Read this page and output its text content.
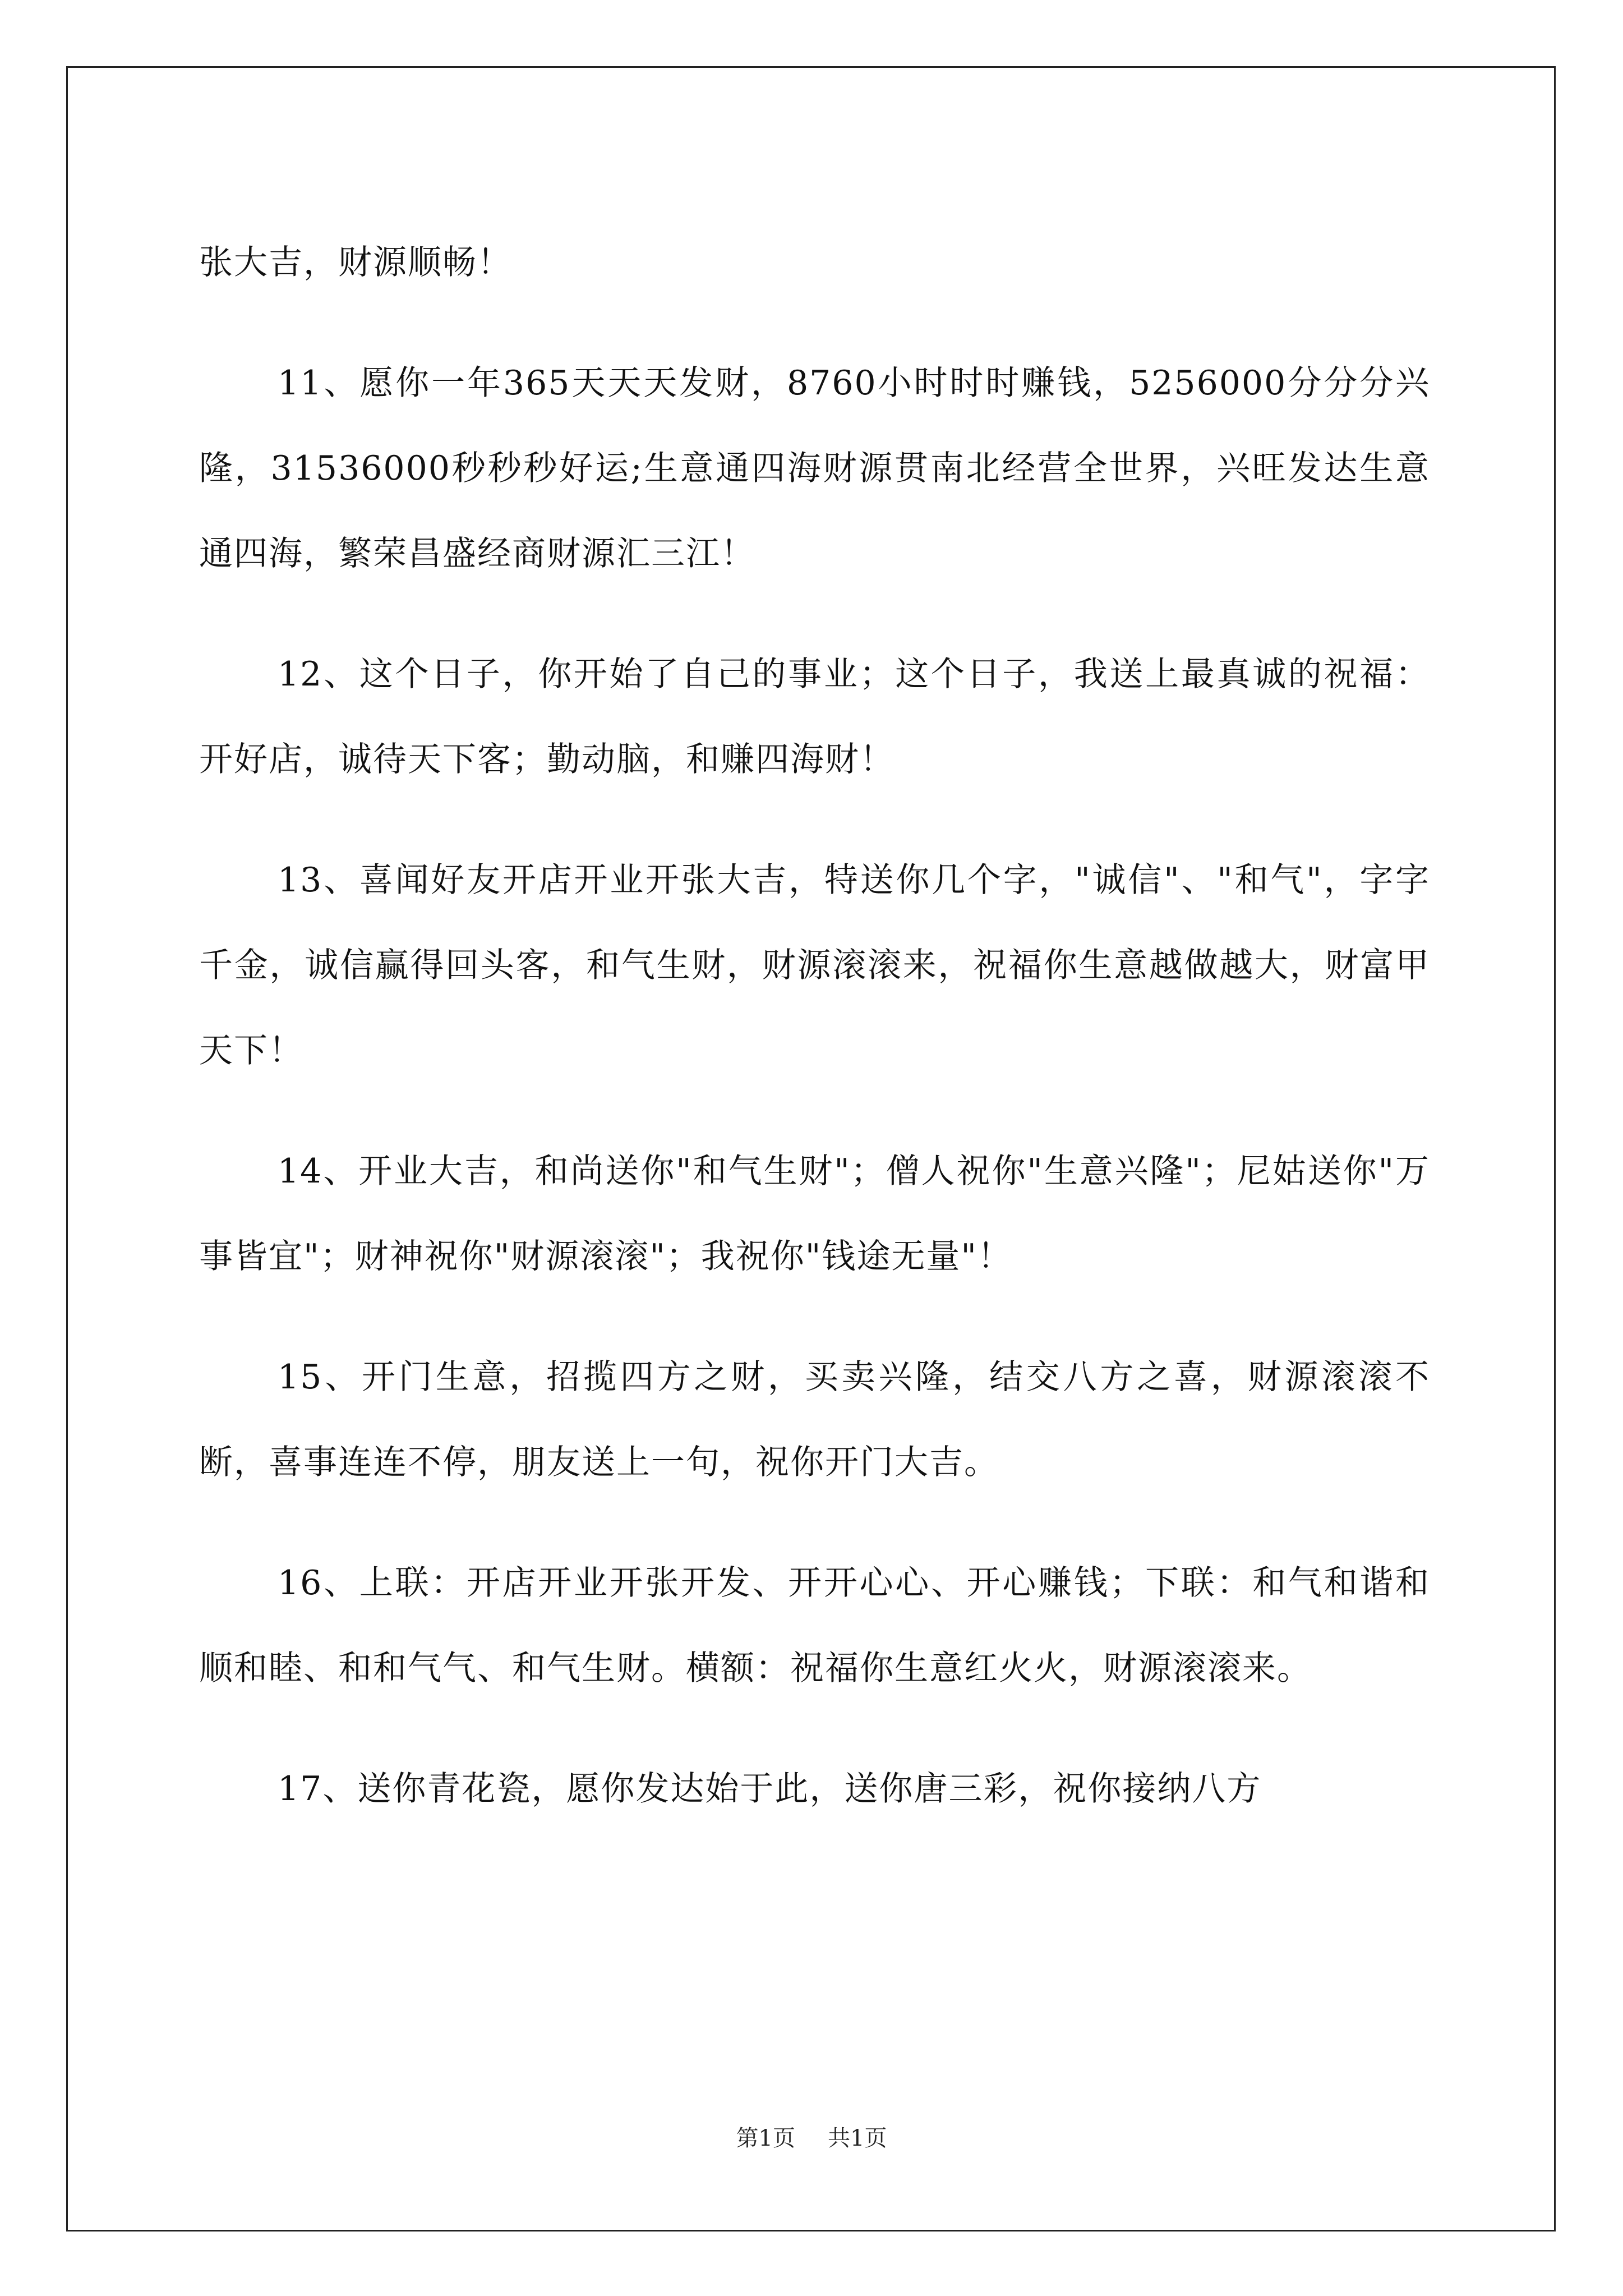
张大吉，财源顺畅！

11、愿你一年365天天天发财，8760小时时时赚钱，5256000分分分兴隆，31536000秒秒秒好运;生意通四海财源贯南北经营全世界，兴旺发达生意通四海，繁荣昌盛经商财源汇三江！

12、这个日子，你开始了自己的事业；这个日子，我送上最真诚的祝福：开好店，诚待天下客；勤动脑，和赚四海财！

13、喜闻好友开店开业开张大吉，特送你几个字，"诚信"、"和气"，字字千金，诚信赢得回头客，和气生财，财源滚滚来，祝福你生意越做越大，财富甲天下！

14、开业大吉，和尚送你"和气生财"；僧人祝你"生意兴隆"；尼姑送你"万事皆宜"；财神祝你"财源滚滚"；我祝你"钱途无量"！

15、开门生意，招揽四方之财，买卖兴隆，结交八方之喜，财源滚滚不断，喜事连连不停，朋友送上一句，祝你开门大吉。

16、上联：开店开业开张开发、开开心心、开心赚钱；下联：和气和谐和顺和睦、和和气气、和气生财。横额：祝福你生意红火火，财源滚滚来。

17、送你青花瓷，愿你发达始于此，送你唐三彩，祝你接纳八方

第1页 共1页
